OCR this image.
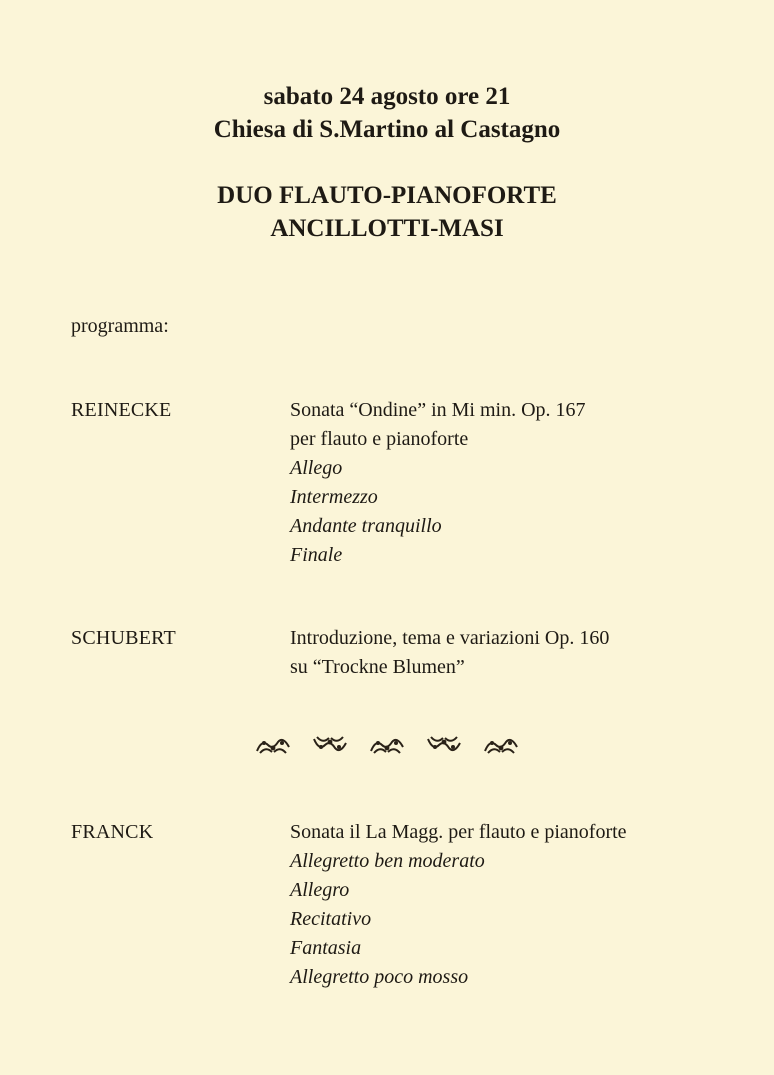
sabato 24 agosto ore 21
Chiesa di S.Martino al Castagno
DUO FLAUTO-PIANOFORTE
ANCILLOTTI-MASI
programma:
REINECKE	Sonata “Ondine” in Mi min. Op. 167
per flauto e pianoforte
Allego
Intermezzo
Andante tranquillo
Finale
SCHUBERT	Introduzione, tema e variazioni Op. 160
su “Trockne Blumen”
FRANCK	Sonata il La Magg. per flauto e pianoforte
Allegretto ben moderato
Allegro
Recitativo
Fantasia
Allegretto poco mosso
